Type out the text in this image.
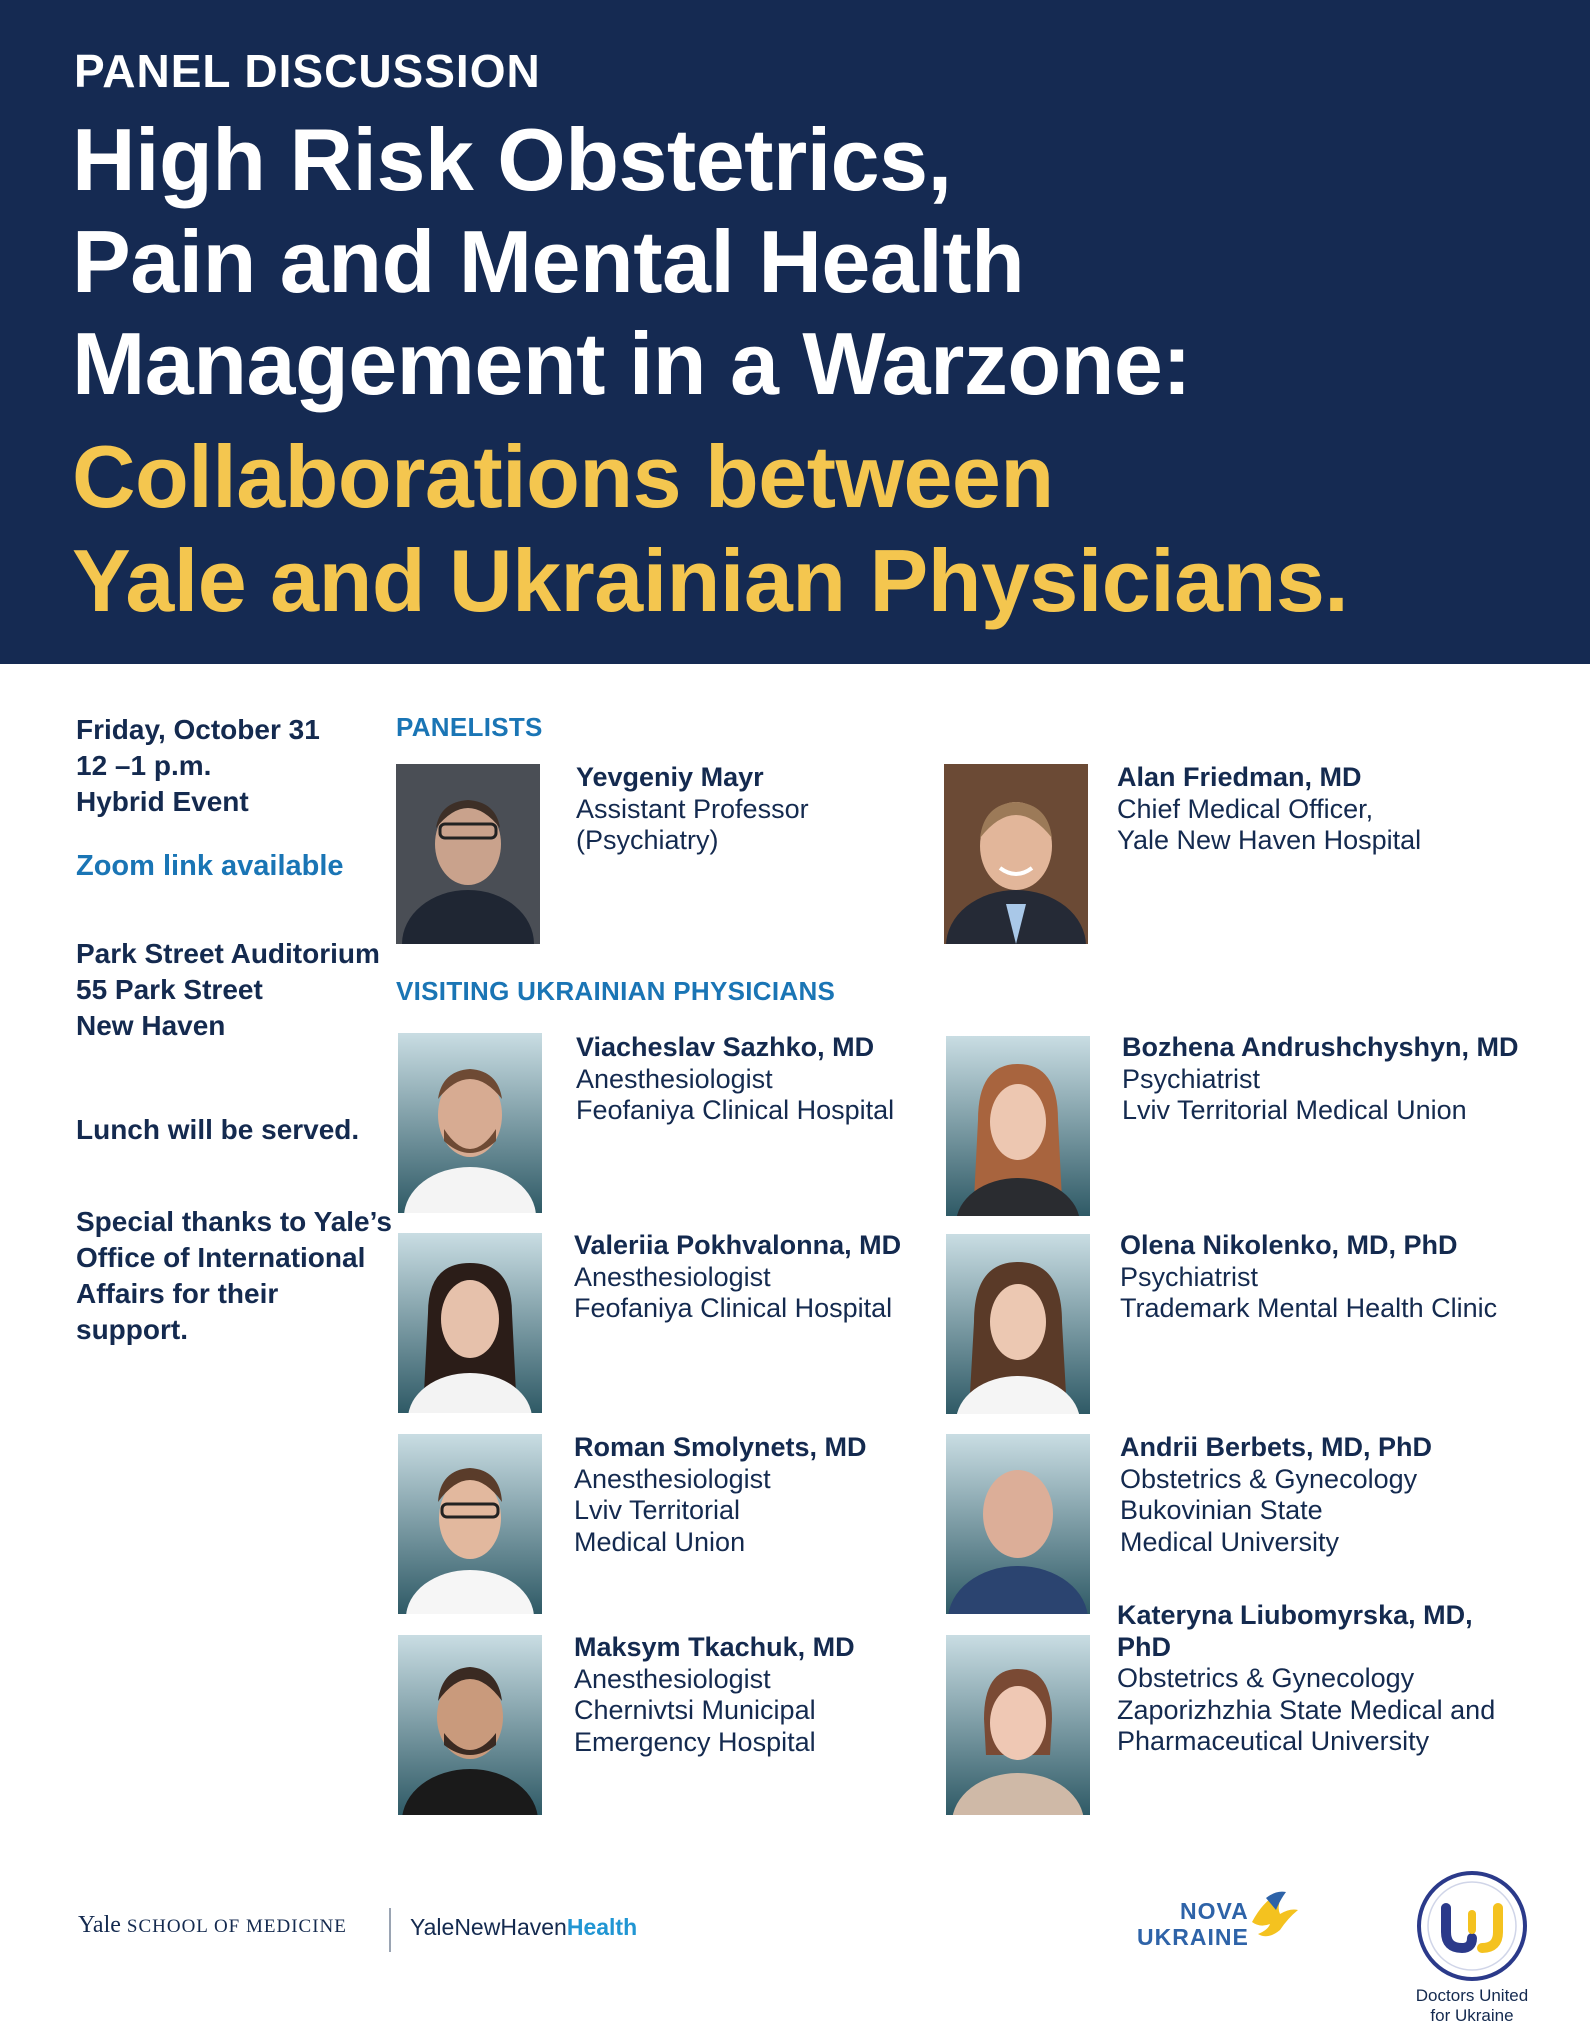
PANEL DISCUSSION
High Risk Obstetrics,
Pain and Mental Health
Management in a Warzone:
Collaborations between
Yale and Ukrainian Physicians.
Friday, October 31
12 –1 p.m.
Hybrid Event
Zoom link available
Park Street Auditorium
55 Park Street
New Haven
Lunch will be served.
Special thanks to Yale’s
Office of International
Affairs for their
support.
PANELISTS
VISITING UKRAINIAN PHYSICIANS
Yevgeniy Mayr
Assistant Professor
(Psychiatry)
Alan Friedman, MD
Chief Medical Officer,
Yale New Haven Hospital
Viacheslav Sazhko, MD
Anesthesiologist
Feofaniya Clinical Hospital
Valeriia Pokhvalonna, MD
Anesthesiologist
Feofaniya Clinical Hospital
Roman Smolynets, MD
Anesthesiologist
Lviv Territorial
Medical Union
Maksym Tkachuk, MD
Anesthesiologist
Chernivtsi Municipal
Emergency Hospital
Bozhena Andrushchyshyn, MD
Psychiatrist
Lviv Territorial Medical Union
Olena Nikolenko, MD, PhD
Psychiatrist
Trademark Mental Health Clinic
Andrii Berbets, MD, PhD
Obstetrics & Gynecology
Bukovinian State
Medical University
Kateryna Liubomyrska, MD,
PhD
Obstetrics & Gynecology
Zaporizhzhia State Medical and
Pharmaceutical University
Yale SCHOOL OF MEDICINE	YaleNewHavenHealth
NOVA
UKRAINE
Doctors United
for Ukraine
